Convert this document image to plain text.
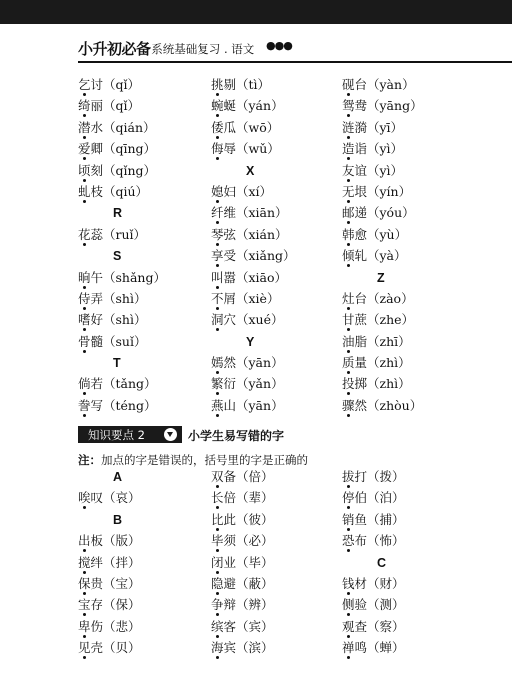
小升初必备
. 系统基础复习 . 语文 ●●●
乞讨（qǐ）	挑剔（tì）	砚台（yàn）
绮丽（qǐ）	蜿蜒（yán）	鸳鸯（yāng）
潜水（qián）	倭瓜（wō）	涟漪（yī）
爱卿（qīng）	侮辱（wǔ）	造诣（yì）
顷刻（qǐng）	X	友谊（yì）
虬枝（qiú）	媳妇（xí）	无垠（yín）
R	纤维（xiān）	邮递（yóu）
花蕊（ruǐ）	琴弦（xián）	韩愈（yù）
S	享受（xiǎng）	倾轧（yà）
晌午（shǎng）	叫嚣（xiāo）	Z
侍弄（shì）	不屑（xiè）	灶台（zào）
嗜好（shì）	洞穴（xué）	甘蔗（zhe）
骨髓（suǐ）	Y	油脂（zhī）
T	嫣然（yān）	质量（zhì）
倘若（tǎng）	繁衍（yǎn）	投掷（zhì）
誊写（téng）	燕山（yān）	骤然（zhòu）
知识要点 2	小学生易写错的字
注：加点的字是错误的，括号里的字是正确的
A	双备（倍）	拔打（拨）
唉叹（哀）	长倍（辈）	停伯（泊）
B	比此（彼）	销鱼（捕）
出板（版）	毕须（必）	恐布（怖）
搅绊（拌）	闭业（毕）	C
保贵（宝）	隐避（蔽）	钱材（财）
宝存（保）	争辩（辨）	侧验（测）
卑伤（悲）	缤客（宾）	观查（察）
见壳（贝）	海宾（滨）	禅鸣（蝉）
